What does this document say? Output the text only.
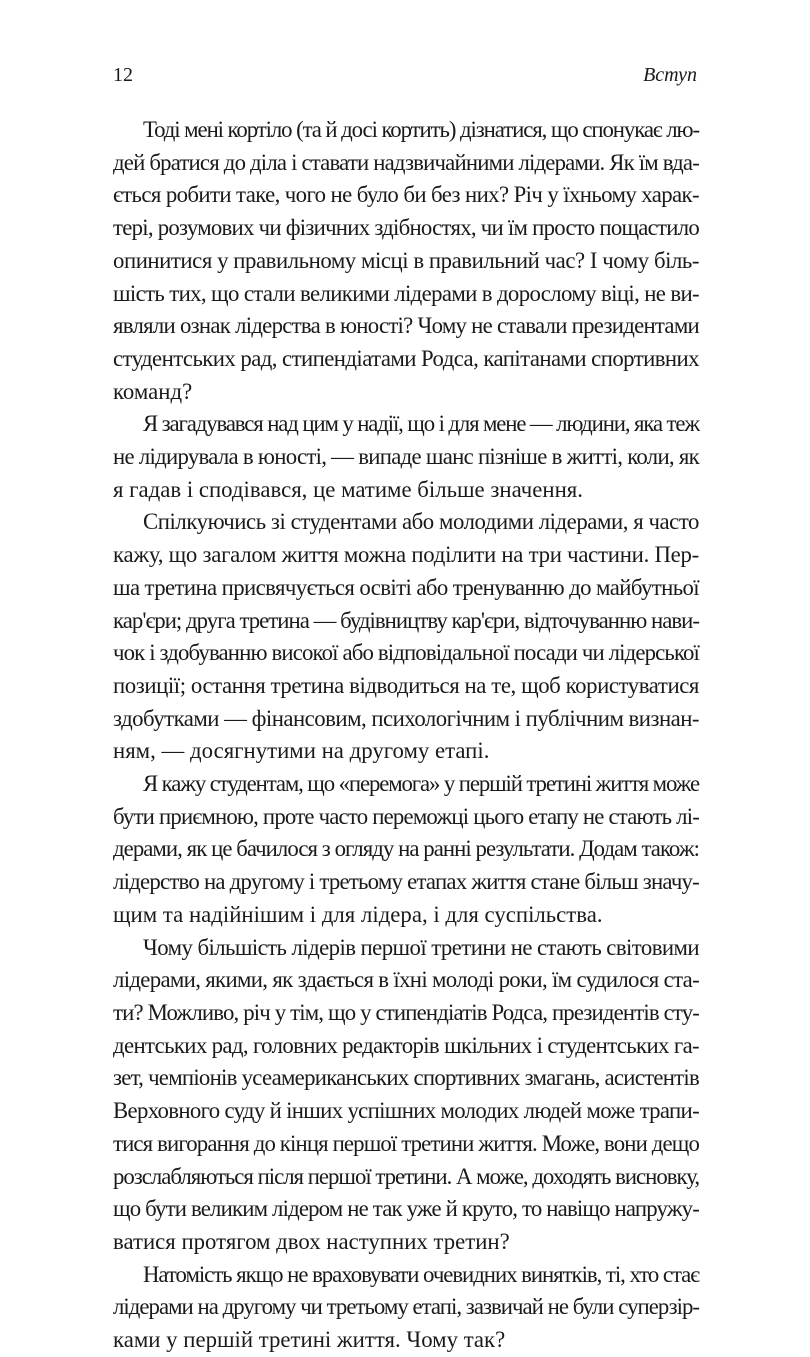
12	Вступ
Тоді мені кортіло (та й досі кортить) дізнатися, що спонукає лю-
дей братися до діла і ставати надзвичайними лідерами. Як їм вда-
ється робити таке, чого не було би без них? Річ у їхньому харак-
тері, розумових чи фізичних здібностях, чи їм просто пощастило
опинитися у правильному місці в правильний час? І чому біль-
шість тих, що стали великими лідерами в дорослому віці, не ви-
являли ознак лідерства в юності? Чому не ставали президентами
студентських рад, стипендіатами Родса, капітанами спортивних
команд?
Я загадувався над цим у надії, що і для мене — людини, яка теж
не лідирувала в юності, — випаде шанс пізніше в житті, коли, як
я гадав і сподівався, це матиме більше значення.
Спілкуючись зі студентами або молодими лідерами, я часто
кажу, що загалом життя можна поділити на три частини. Пер-
ша третина присвячується освіті або тренуванню до майбутньої
кар'єри; друга третина — будівництву кар'єри, відточуванню нави-
чок і здобуванню високої або відповідальної посади чи лідерської
позиції; остання третина відводиться на те, щоб користуватися
здобутками — фінансовим, психологічним і публічним визнан-
ням, — досягнутими на другому етапі.
Я кажу студентам, що «перемога» у першій третині життя може
бути приємною, проте часто переможці цього етапу не стають лі-
дерами, як це бачилося з огляду на ранні результати. Додам також:
лідерство на другому і третьому етапах життя стане більш значу-
щим та надійнішим і для лідера, і для суспільства.
Чому більшість лідерів першої третини не стають світовими
лідерами, якими, як здається в їхні молоді роки, їм судилося ста-
ти? Можливо, річ у тім, що у стипендіатів Родса, президентів сту-
дентських рад, головних редакторів шкільних і студентських га-
зет, чемпіонів усеамериканських спортивних змагань, асистентів
Верховного суду й інших успішних молодих людей може трапи-
тися вигорання до кінця першої третини життя. Може, вони дещо
розслабляються після першої третини. А може, доходять висновку,
що бути великим лідером не так уже й круто, то навіщо напружу-
ватися протягом двох наступних третин?
Натомість якщо не враховувати очевидних винятків, ті, хто стає
лідерами на другому чи третьому етапі, зазвичай не були суперзір-
ками у першій третині життя. Чому так?
